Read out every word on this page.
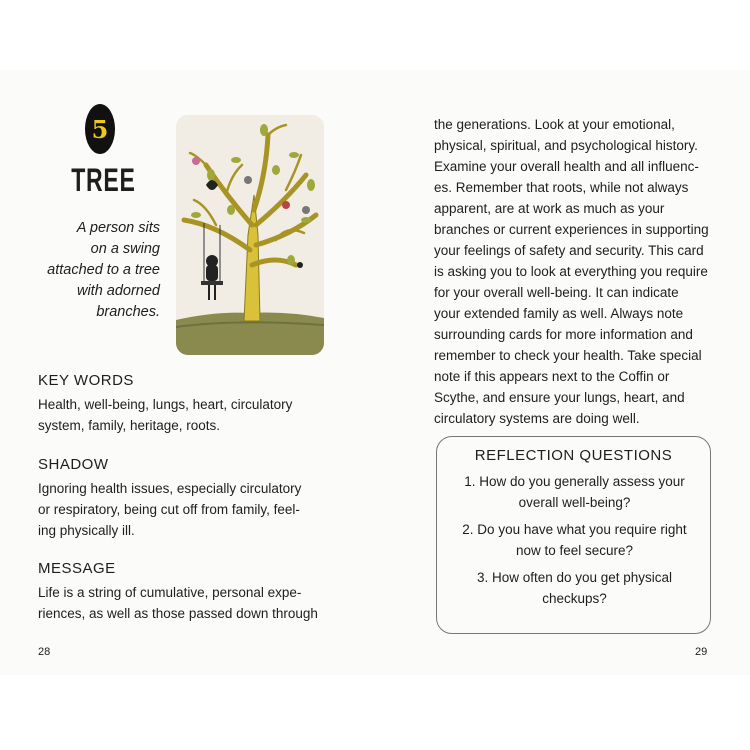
5
TREE
A person sits
on a swing
attached to a tree
with adorned
branches.
KEY WORDS
Health, well-being, lungs, heart, circulatory
system, family, heritage, roots.
SHADOW
Ignoring health issues, especially circulatory
or respiratory, being cut off from family, feel-
ing physically ill.
MESSAGE
Life is a string of cumulative, personal expe-
riences, as well as those passed down through
28
the generations. Look at your emotional,
physical, spiritual, and psychological history.
Examine your overall health and all influenc-
es. Remember that roots, while not always
apparent, are at work as much as your
branches or current experiences in supporting
your feelings of safety and security. This card
is asking you to look at everything you require
for your overall well-being. It can indicate
your extended family as well. Always note
surrounding cards for more information and
remember to check your health. Take special
note if this appears next to the Coffin or
Scythe, and ensure your lungs, heart, and
circulatory systems are doing well.
REFLECTION QUESTIONS
1. How do you generally assess your
overall well-being?
2. Do you have what you require right
now to feel secure?
3. How often do you get physical
checkups?
29
